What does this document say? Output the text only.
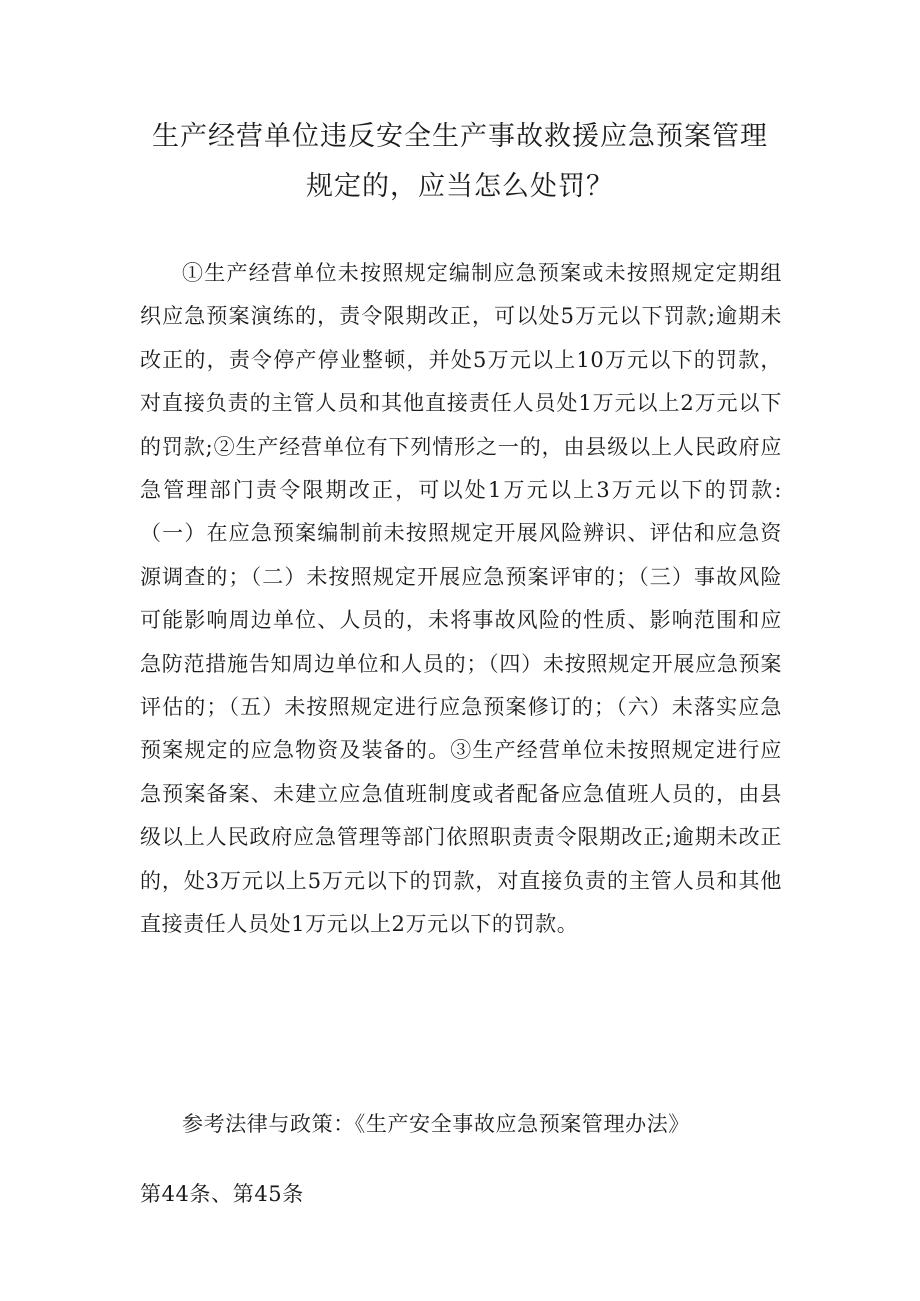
生产经营单位违反安全生产事故救援应急预案管理
规定的，应当怎么处罚？

①生产经营单位未按照规定编制应急预案或未按照规定定期组织应急预案演练的，责令限期改正，可以处5万元以下罚款;逾期未改正的，责令停产停业整顿，并处5万元以上10万元以下的罚款，对直接负责的主管人员和其他直接责任人员处1万元以上2万元以下的罚款;②生产经营单位有下列情形之一的，由县级以上人民政府应急管理部门责令限期改正，可以处1万元以上3万元以下的罚款:（一）在应急预案编制前未按照规定开展风险辨识、评估和应急资源调查的；（二）未按照规定开展应急预案评审的；（三）事故风险可能影响周边单位、人员的，未将事故风险的性质、影响范围和应急防范措施告知周边单位和人员的；（四）未按照规定开展应急预案评估的；（五）未按照规定进行应急预案修订的；（六）未落实应急预案规定的应急物资及装备的。③生产经营单位未按照规定进行应急预案备案、未建立应急值班制度或者配备应急值班人员的，由县级以上人民政府应急管理等部门依照职责责令限期改正;逾期未改正的，处3万元以上5万元以下的罚款，对直接负责的主管人员和其他直接责任人员处1万元以上2万元以下的罚款。

参考法律与政策：《生产安全事故应急预案管理办法》

第44条、第45条
